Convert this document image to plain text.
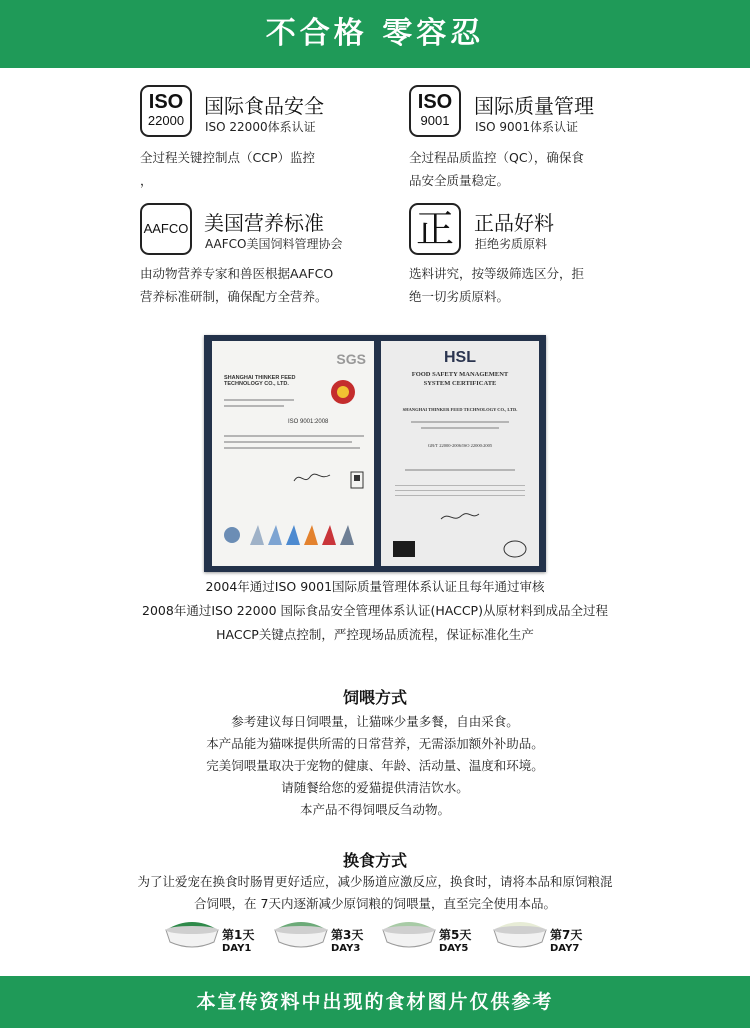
不合格 零容忍
ISO
22000
国际食品安全
ISO 22000体系认证
全过程关键控制点（CCP）监控
，
ISO
9001
国际质量管理
ISO 9001体系认证
全过程品质监控（QC），确保食
品安全质量稳定。
AAFCO 美国营养标准
AAFCO美国饲料管理协会
由动物营养专家和兽医根据AAFCO
营养标准研制，确保配方全营养。
正	正品好料
拒绝劣质原料
选料讲究，按等级筛选区分，拒
绝一切劣质原料。
SGS
SHANGHAI THINKER FEED
TECHNOLOGY CO., LTD.
ISO 9001:2008
HSL
FOOD SAFETY MANAGEMENT
SYSTEM CERTIFICATE
SHANGHAI THINKER FEED TECHNOLOGY CO., LTD.
GB/T 22000-2006/ISO 22000:2005
2004年通过ISO 9001国际质量管理体系认证且每年通过审核
2008年通过ISO 22000 国际食品安全管理体系认证(HACCP)从原材料到成品全过程
HACCP关键点控制，严控现场品质流程，保证标准化生产
饲喂方式
参考建议每日饲喂量，让猫咪少量多餐，自由采食。
本产品能为猫咪提供所需的日常营养，无需添加额外补助品。
完美饲喂量取决于宠物的健康、年龄、活动量、温度和环境。
请随餐给您的爱猫提供清洁饮水。
本产品不得饲喂反刍动物。
换食方式
为了让爱宠在换食时肠胃更好适应，减少肠道应激反应，换食时，请将本品和原饲粮混
合饲喂，在 7天内逐渐减少原饲粮的饲喂量，直至完全使用本品。
第1天
DAY1
第3天
DAY3
第5天
DAY5
第7天
DAY7
本宣传资料中出现的食材图片仅供参考
